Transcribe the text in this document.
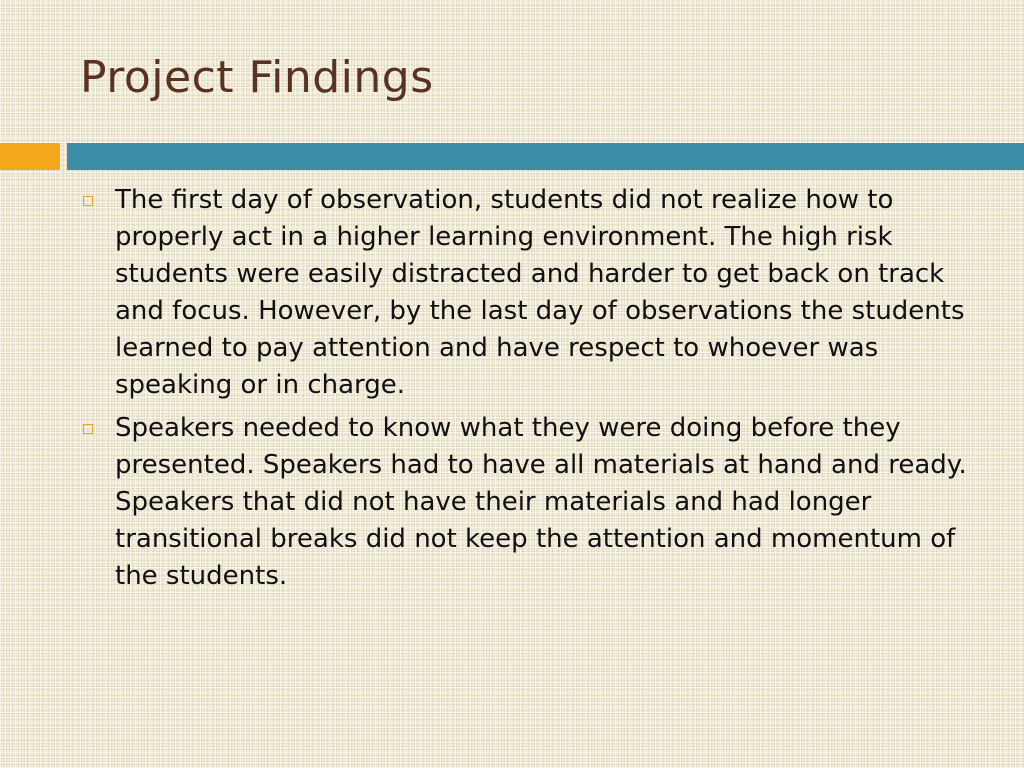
Project Findings
The first day of observation, students did not realize how to properly act in a higher learning environment. The high risk students were easily distracted and harder to get back on track and focus. However, by the last day of observations the students learned to pay attention and have respect to whoever was speaking or in charge.
Speakers needed to know what they were doing before they presented. Speakers had to have all materials at hand and ready. Speakers that did not have their materials and had longer transitional breaks did not keep the attention and momentum of the students.
